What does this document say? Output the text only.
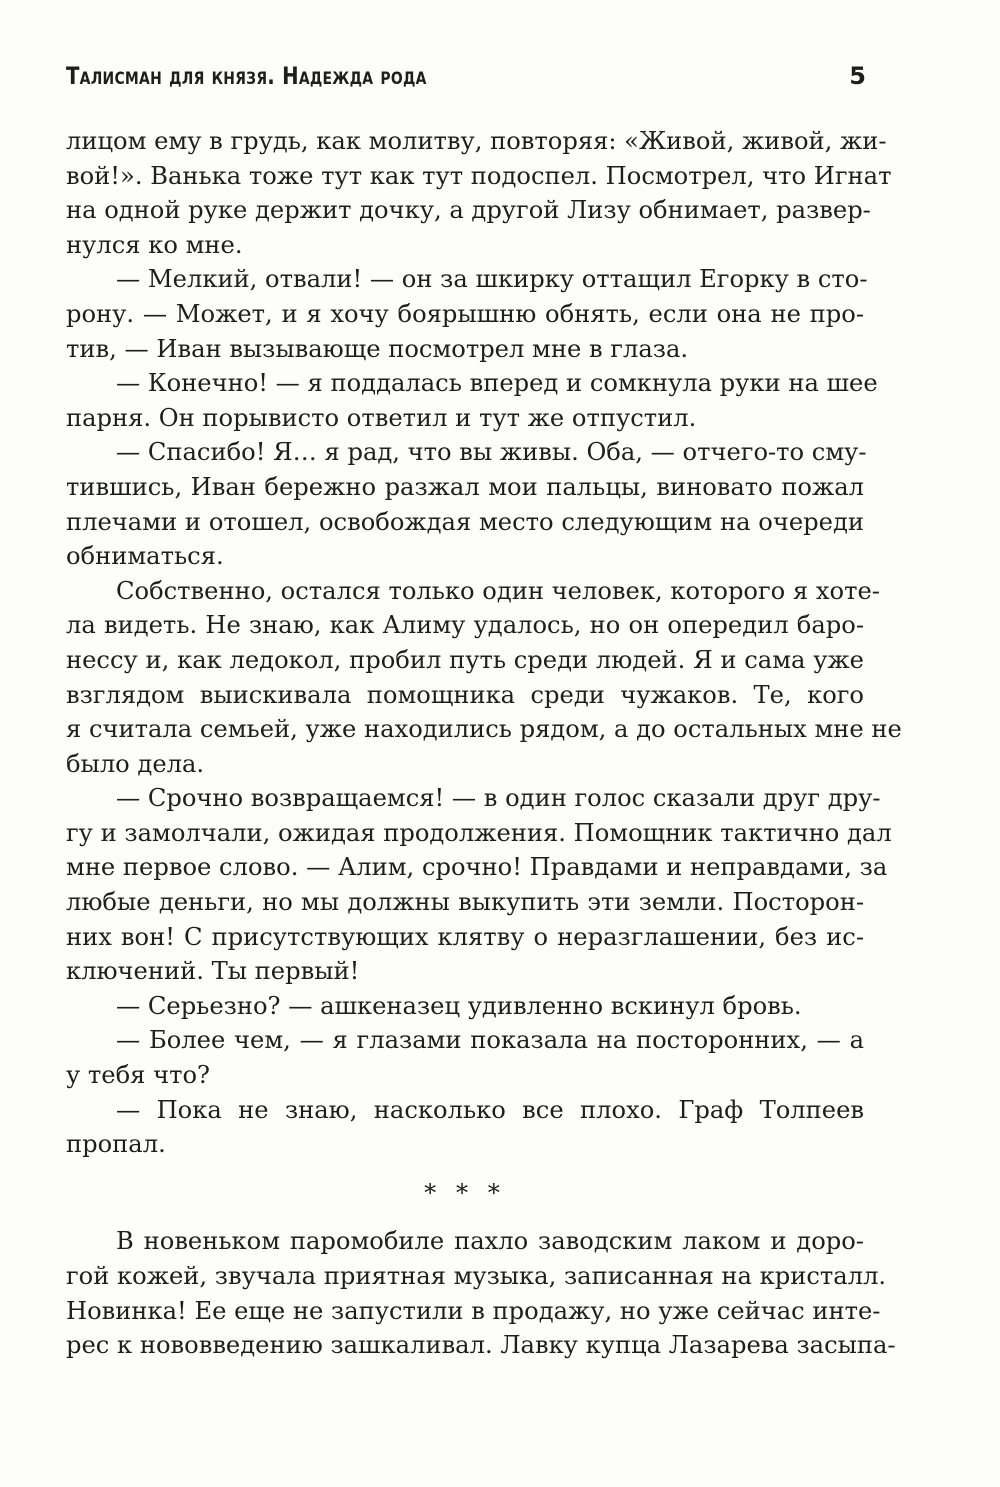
Талисман для князя. Надежда рода	5
лицом ему в грудь, как молитву, повторяя: «Живой, живой, жи-
вой!». Ванька тоже тут как тут подоспел. Посмотрел, что Игнат
на одной руке держит дочку, а другой Лизу обнимает, развер-
нулся ко мне.
— Мелкий, отвали! — он за шкирку оттащил Егорку в сто-
рону. — Может, и я хочу боярышню обнять, если она не про-
тив, — Иван вызывающе посмотрел мне в глаза.
— Конечно! — я поддалась вперед и сомкнула руки на шее
парня. Он порывисто ответил и тут же отпустил.
— Спасибо! Я… я рад, что вы живы. Оба, — отчего-то сму-
тившись, Иван бережно разжал мои пальцы, виновато пожал
плечами и отошел, освобождая место следующим на очереди
обниматься.
Собственно, остался только один человек, которого я хоте-
ла видеть. Не знаю, как Алиму удалось, но он опередил баро-
нессу и, как ледокол, пробил путь среди людей. Я и сама уже
взглядом выискивала помощника среди чужаков. Те, кого
я считала семьей, уже находились рядом, а до остальных мне не
было дела.
— Срочно возвращаемся! — в один голос сказали друг дру-
гу и замолчали, ожидая продолжения. Помощник тактично дал
мне первое слово. — Алим, срочно! Правдами и неправдами, за
любые деньги, но мы должны выкупить эти земли. Посторон-
них вон! С присутствующих клятву о неразглашении, без ис-
ключений. Ты первый!
— Серьезно? — ашкеназец удивленно вскинул бровь.
— Более чем, — я глазами показала на посторонних, — а
у тебя что?
— Пока не знаю, насколько все плохо. Граф Толпеев
пропал.
* * *
В новеньком паромобиле пахло заводским лаком и доро-
гой кожей, звучала приятная музыка, записанная на кристалл.
Новинка! Ее еще не запустили в продажу, но уже сейчас инте-
рес к нововведению зашкаливал. Лавку купца Лазарева засыпа-
